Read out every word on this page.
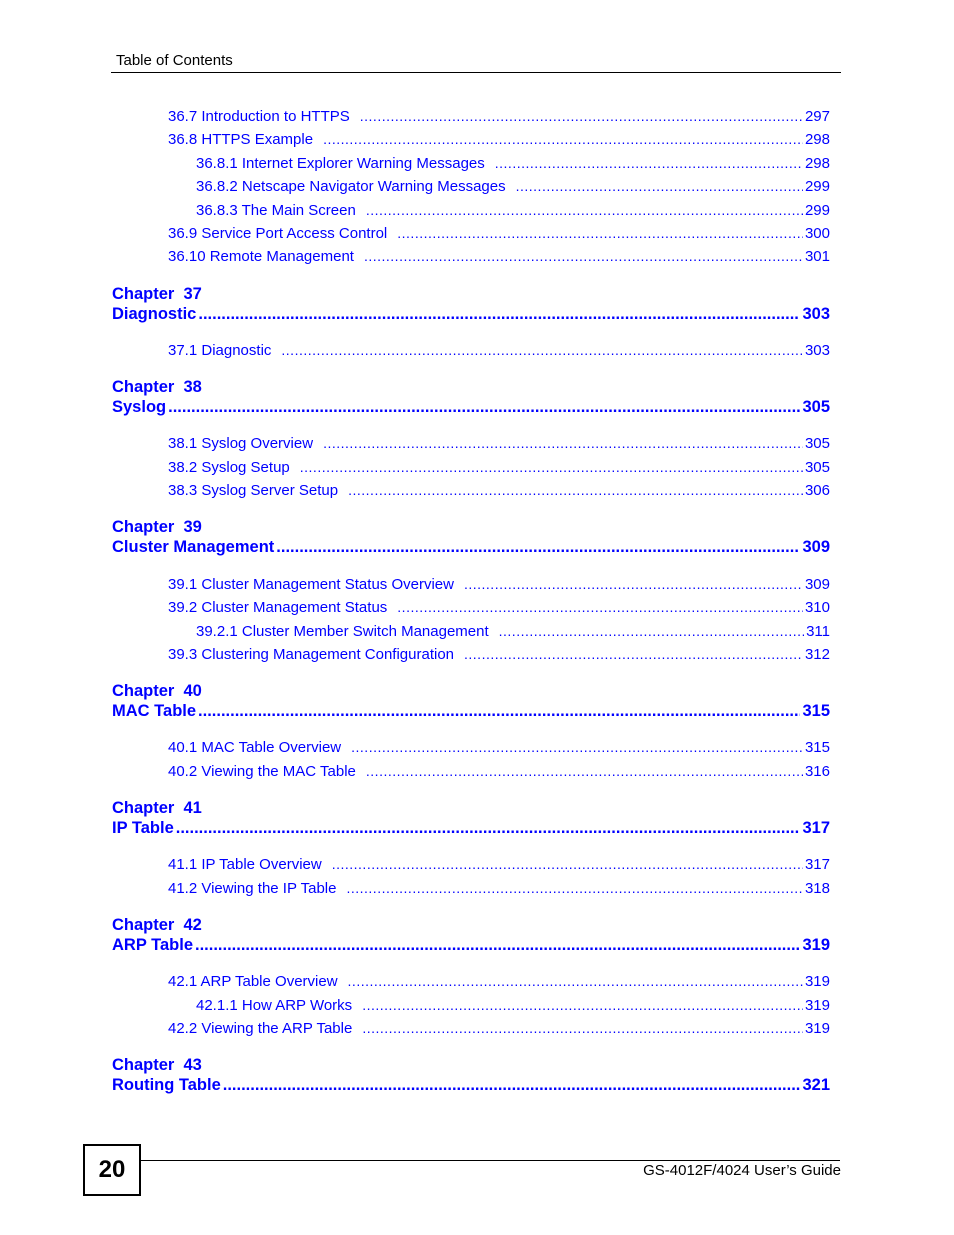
Table of Contents
36.7 Introduction to HTTPS .....	297
36.8 HTTPS Example .....	298
36.8.1 Internet Explorer Warning Messages .....	298
36.8.2 Netscape Navigator Warning Messages .....	299
36.8.3 The Main Screen .....	299
36.9 Service Port Access Control .....	300
36.10 Remote Management .....	301
Chapter  37
Diagnostic .....	303
37.1 Diagnostic .....	303
Chapter  38
Syslog .....	305
38.1 Syslog Overview .....	305
38.2 Syslog Setup .....	305
38.3 Syslog Server Setup .....	306
Chapter  39
Cluster Management .....	309
39.1 Cluster Management Status Overview .....	309
39.2 Cluster Management Status .....	310
39.2.1 Cluster Member Switch Management .....	311
39.3 Clustering Management Configuration .....	312
Chapter  40
MAC Table .....	315
40.1 MAC Table Overview .....	315
40.2 Viewing the MAC Table .....	316
Chapter  41
IP Table .....	317
41.1 IP Table Overview .....	317
41.2 Viewing the IP Table .....	318
Chapter  42
ARP Table .....	319
42.1 ARP Table Overview .....	319
42.1.1 How ARP Works .....	319
42.2 Viewing the ARP Table .....	319
Chapter  43
Routing Table .....	321
20	GS-4012F/4024 User’s Guide
